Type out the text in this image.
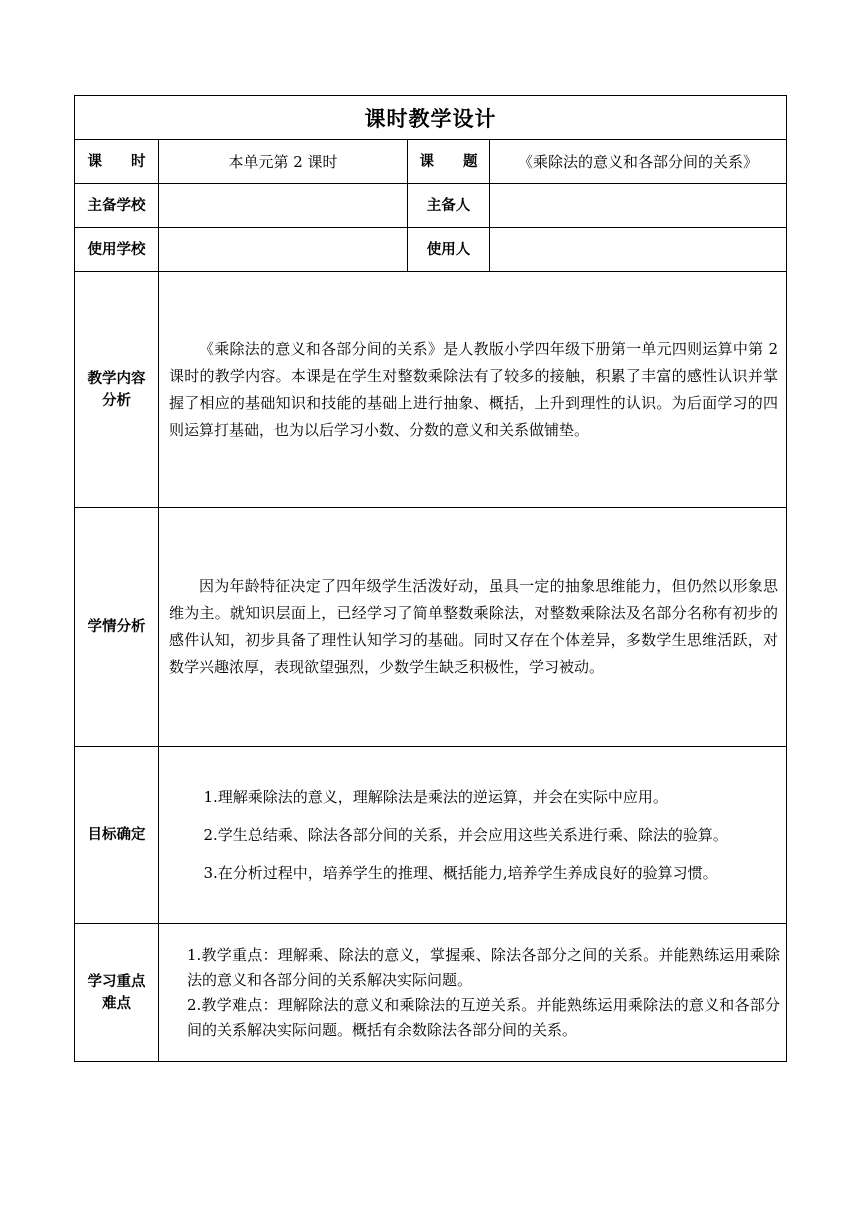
课时教学设计			
课　　时	本单元第 2 课时	课　　题	《乘除法的意义和各部分间的关系》
主备学校		主备人	
使用学校		使用人	

教学内容分析	《乘除法的意义和各部分间的关系》是人教版小学四年级下册第一单元四则运算中第 2 课时的教学内容。本课是在学生对整数乘除法有了较多的接触，积累了丰富的感性认识并掌握了相应的基础知识和技能的基础上进行抽象、概括，上升到理性的认识。为后面学习的四则运算打基础，也为以后学习小数、分数的意义和关系做铺垫。		

学情分析	因为年龄特征决定了四年级学生活泼好动，虽具一定的抽象思维能力，但仍然以形象思维为主。就知识层面上，已经学习了简单整数乘除法，对整数乘除法及名部分名称有初步的感件认知，初步具备了理性认知学习的基础。同时又存在个体差异，多数学生思维活跃，对数学兴趣浓厚，表现欲望强烈，少数学生缺乏积极性，学习被动。		

目标确定	1.理解乘除法的意义，理解除法是乘法的逆运算，并会在实际中应用。

2.学生总结乘、除法各部分间的关系，并会应用这些关系进行乘、除法的验算。

3.在分析过程中，培养学生的推理、概括能力,培养学生养成良好的验算习惯。		

学习重点难点	1.教学重点：理解乘、除法的意义，掌握乘、除法各部分之间的关系。并能熟练运用乘除法的意义和各部分间的关系解决实际问题。

2.教学难点：理解除法的意义和乘除法的互逆关系。并能熟练运用乘除法的意义和各部分间的关系解决实际问题。概括有余数除法各部分间的关系。		
